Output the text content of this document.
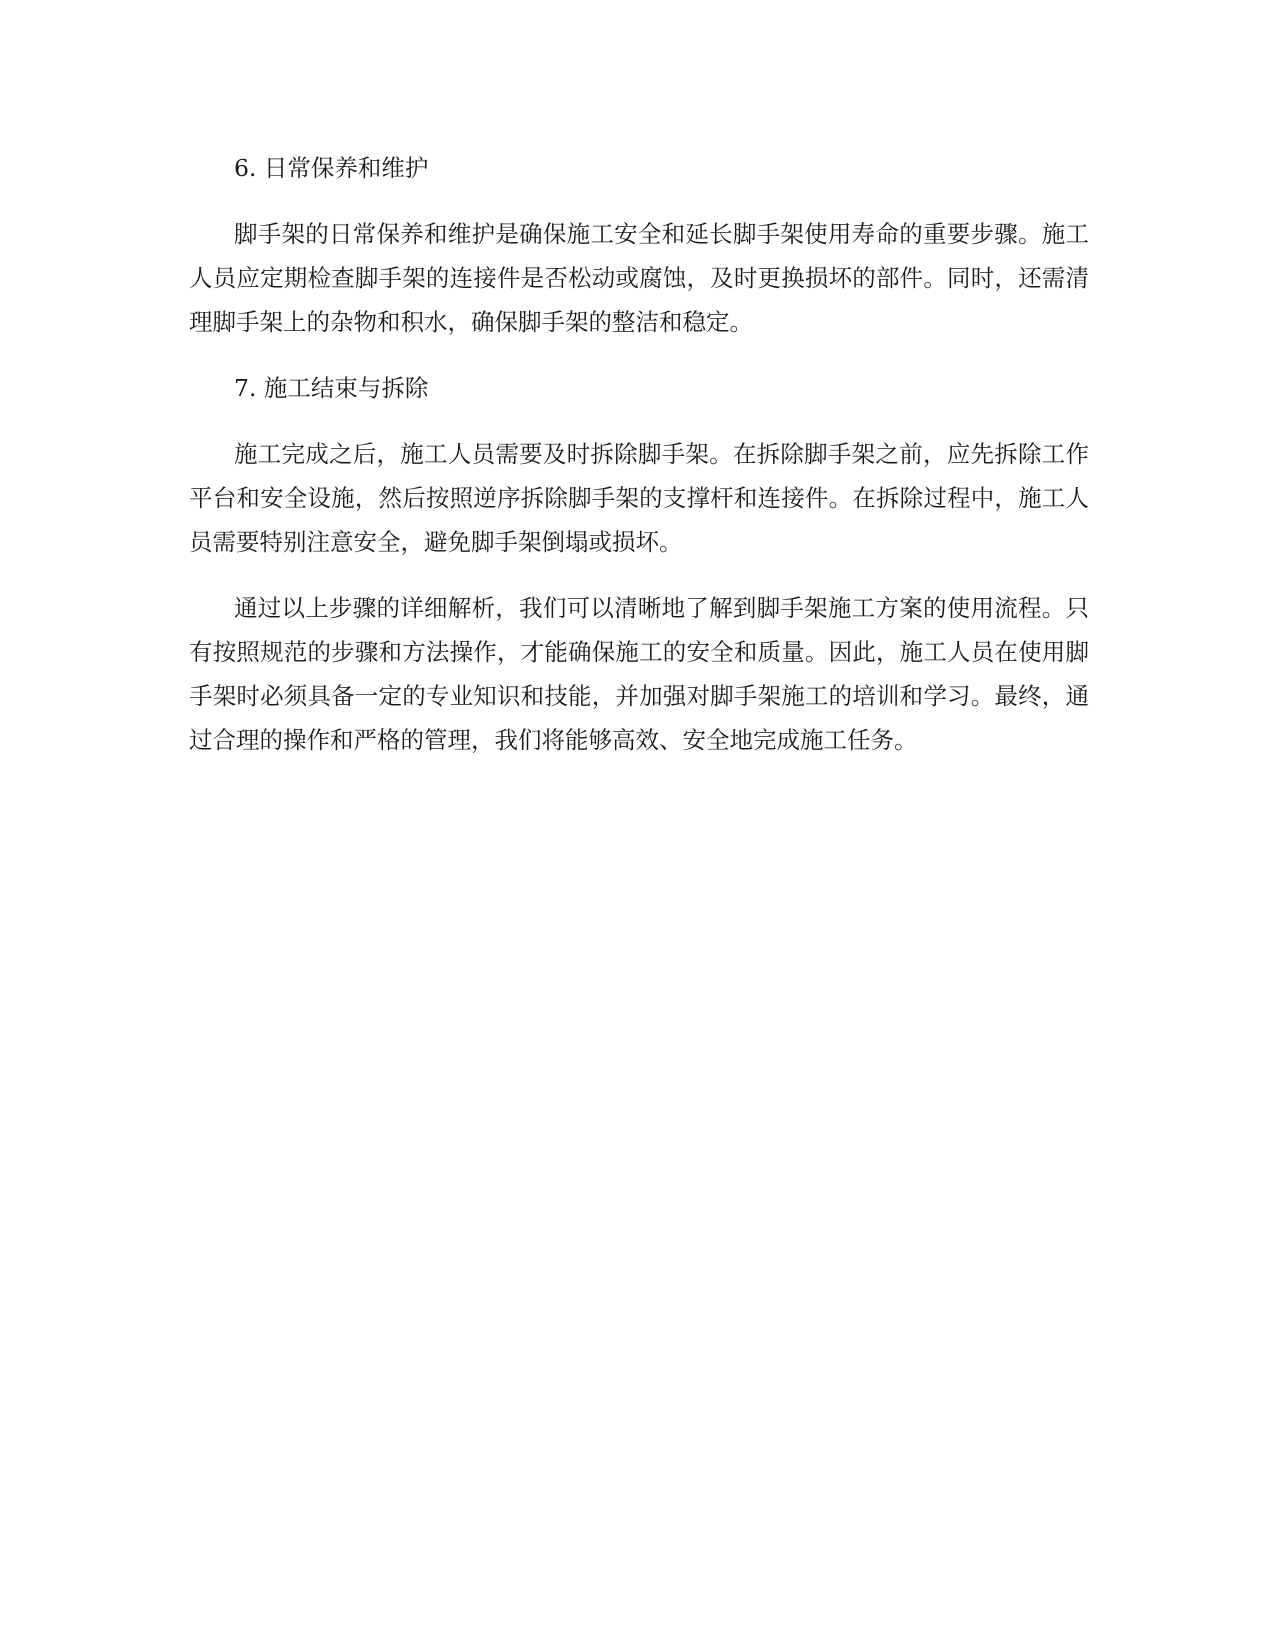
6. 日常保养和维护

脚手架的日常保养和维护是确保施工安全和延长脚手架使用寿命的重要步骤。施工人员应定期检查脚手架的连接件是否松动或腐蚀，及时更换损坏的部件。同时，还需清理脚手架上的杂物和积水，确保脚手架的整洁和稳定。

7. 施工结束与拆除

施工完成之后，施工人员需要及时拆除脚手架。在拆除脚手架之前，应先拆除工作平台和安全设施，然后按照逆序拆除脚手架的支撑杆和连接件。在拆除过程中，施工人员需要特别注意安全，避免脚手架倒塌或损坏。

通过以上步骤的详细解析，我们可以清晰地了解到脚手架施工方案的使用流程。只有按照规范的步骤和方法操作，才能确保施工的安全和质量。因此，施工人员在使用脚手架时必须具备一定的专业知识和技能，并加强对脚手架施工的培训和学习。最终，通过合理的操作和严格的管理，我们将能够高效、安全地完成施工任务。
